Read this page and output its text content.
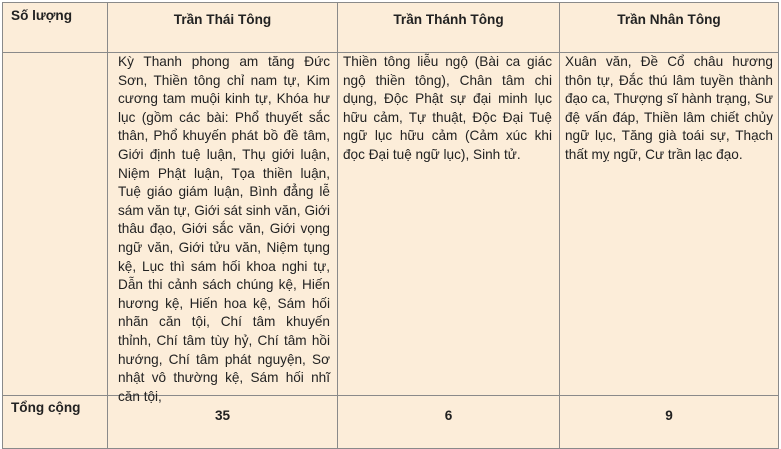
Số lượng	Trần Thái Tông	Trần Thánh Tông	Trần Nhân Tông

	Kỳ Thanh phong am tăng Đức Sơn, Thiền tông chỉ nam tự, Kim cương tam muội kinh tự, Khóa hư lục (gồm các bài: Phổ thuyết sắc thân, Phổ khuyến phát bồ đề tâm, Giới định tuệ luận, Thụ giới luận, Niệm Phật luận, Tọa thiền luận, Tuệ giáo giám luận, Bình đẳng lễ sám văn tự, Giới sát sinh văn, Giới thâu đạo, Giới sắc văn, Giới vọng ngữ văn, Giới tửu văn, Niệm tụng kệ, Lục thì sám hối khoa nghi tự, Dẫn thi cảnh sách chúng kệ, Hiến hương kệ, Hiến hoa kệ, Sám hối nhãn căn tội, Chí tâm khuyến thỉnh, Chí tâm tùy hỷ, Chí tâm hồi hướng, Chí tâm phát nguyện, Sơ nhật vô thường kệ, Sám hối nhĩ căn tội,	Thiền tông liễu ngộ (Bài ca giác ngộ thiền tông), Chân tâm chi dụng, Độc Phật sự đại minh lục hữu cảm, Tự thuật, Độc Đại Tuệ ngữ lục hữu cảm (Cảm xúc khi đọc Đại tuệ ngữ lục), Sinh tử.	Xuân văn, Đề Cổ châu hương thôn tự, Đắc thú lâm tuyền thành đạo ca, Thượng sĩ hành trạng, Sư đệ vấn đáp, Thiền lâm chiết chủy ngữ lục, Tăng già toái sự, Thạch thất mỵ ngữ, Cư trần lạc đạo.

Tổng cộng	35	6	9
